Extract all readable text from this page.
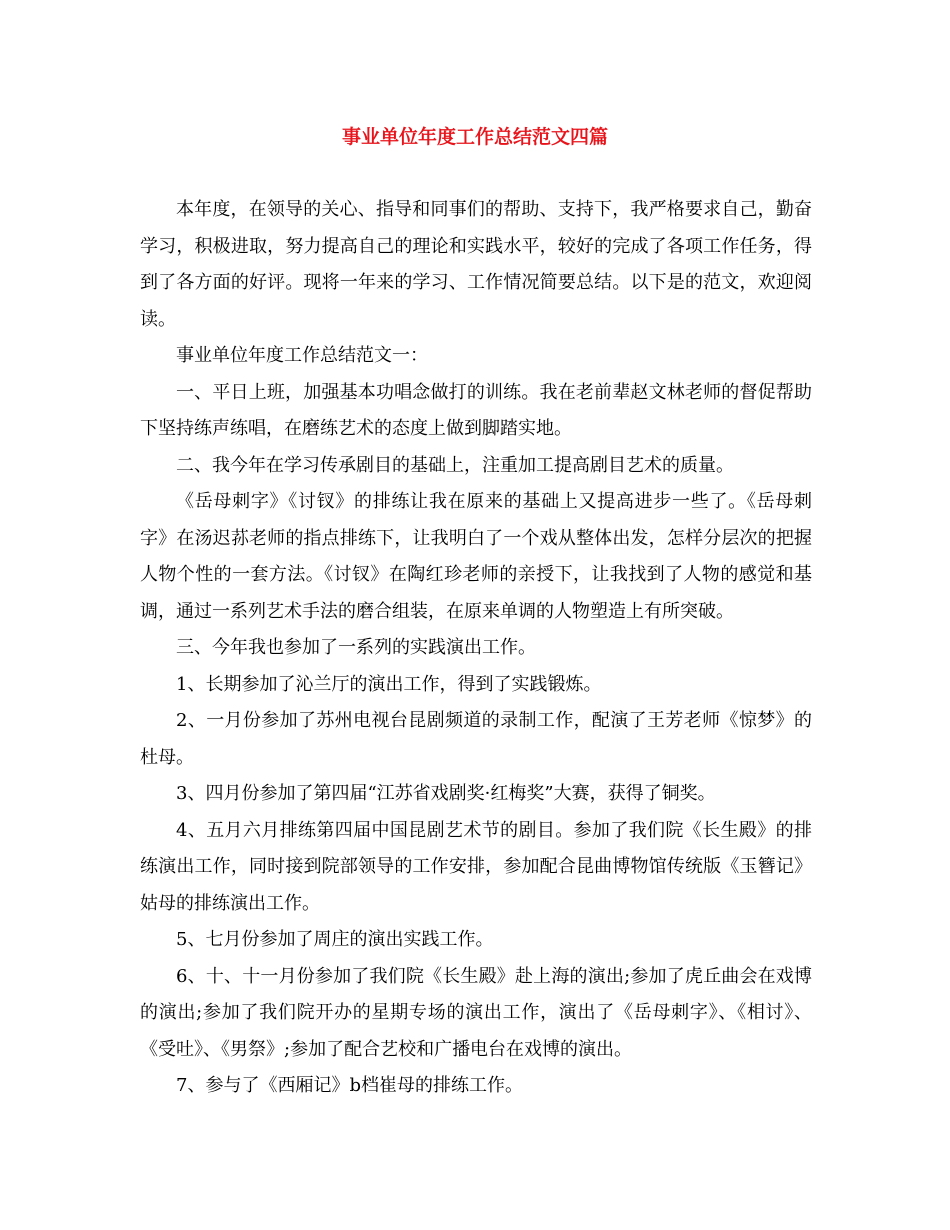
事业单位年度工作总结范文四篇

本年度，在领导的关心、指导和同事们的帮助、支持下，我严格要求自己，勤奋学习，积极进取，努力提高自己的理论和实践水平，较好的完成了各项工作任务，得到了各方面的好评。现将一年来的学习、工作情况简要总结。以下是的范文，欢迎阅读。

事业单位年度工作总结范文一：

一、平日上班，加强基本功唱念做打的训练。我在老前辈赵文林老师的督促帮助下坚持练声练唱，在磨练艺术的态度上做到脚踏实地。

二、我今年在学习传承剧目的基础上，注重加工提高剧目艺术的质量。

《岳母刺字》《讨钗》的排练让我在原来的基础上又提高进步一些了。《岳母刺字》在汤迟荪老师的指点排练下，让我明白了一个戏从整体出发，怎样分层次的把握人物个性的一套方法。《讨钗》在陶红珍老师的亲授下，让我找到了人物的感觉和基调，通过一系列艺术手法的磨合组装，在原来单调的人物塑造上有所突破。

三、今年我也参加了一系列的实践演出工作。

1、长期参加了沁兰厅的演出工作，得到了实践锻炼。

2、一月份参加了苏州电视台昆剧频道的录制工作，配演了王芳老师《惊梦》的杜母。

3、四月份参加了第四届“江苏省戏剧奖·红梅奖”大赛，获得了铜奖。

4、五月六月排练第四届中国昆剧艺术节的剧目。参加了我们院《长生殿》的排练演出工作，同时接到院部领导的工作安排，参加配合昆曲博物馆传统版《玉簪记》姑母的排练演出工作。

5、七月份参加了周庄的演出实践工作。

6、十、十一月份参加了我们院《长生殿》赴上海的演出;参加了虎丘曲会在戏博的演出;参加了我们院开办的星期专场的演出工作，演出了《岳母刺字》、《相讨》、《受吐》、《男祭》;参加了配合艺校和广播电台在戏博的演出。

7、参与了《西厢记》b档崔母的排练工作。
